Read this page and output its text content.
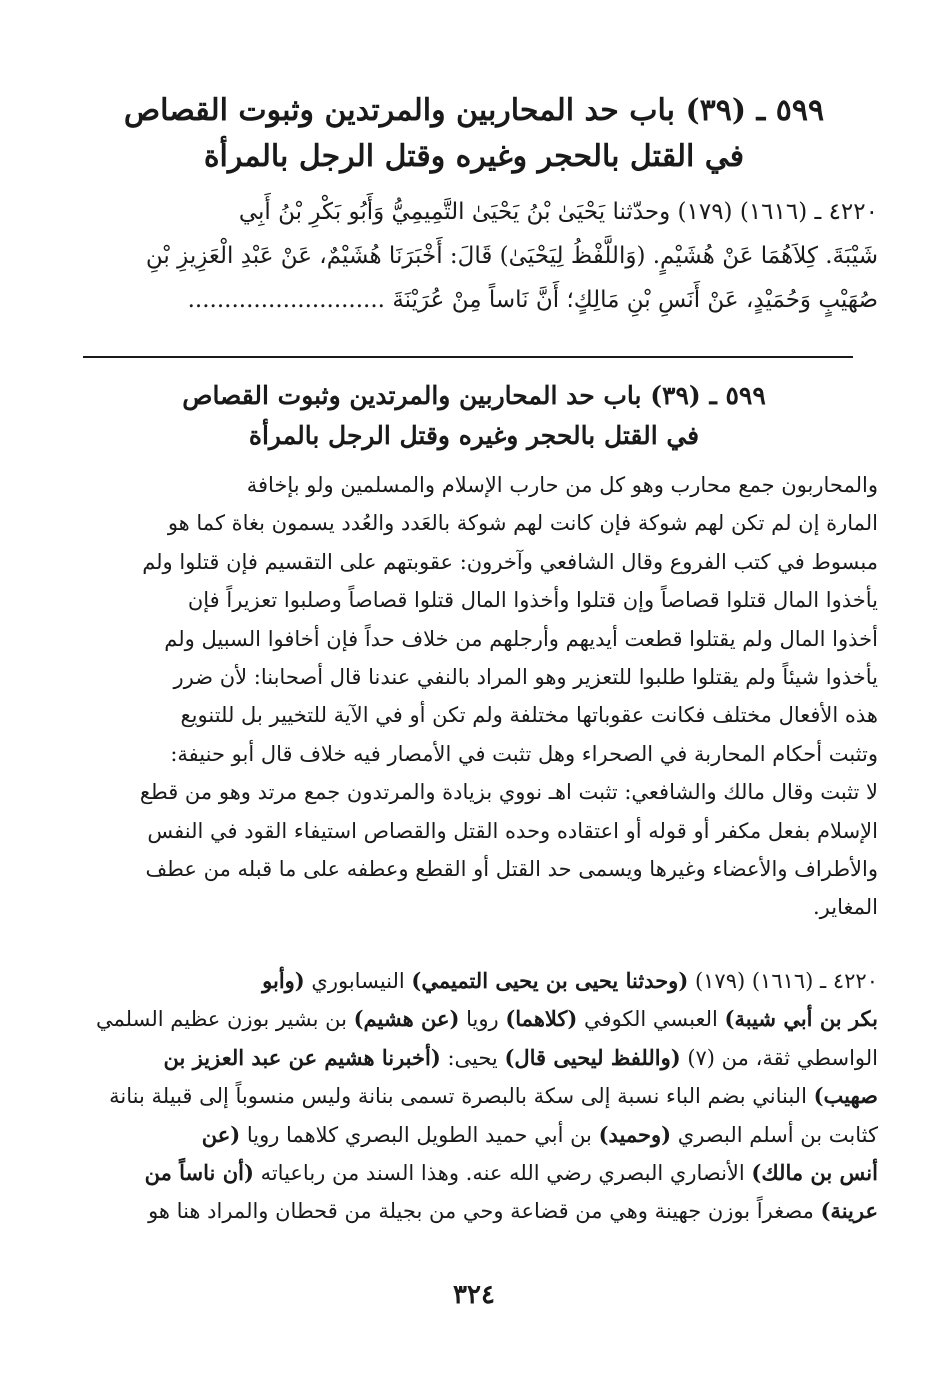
٥٩٩ ـ (٣٩) باب حد المحاربين والمرتدين وثبوت القصاص
في القتل بالحجر وغيره وقتل الرجل بالمرأة
٤٢٢٠ ـ (١٦١٦) (١٧٩) وحدّثنا يَحْيَىٰ بْنُ يَحْيَىٰ التَّمِيمِيُّ وَأَبُو بَكْرِ بْنُ أَبِي
شَيْبَةَ. كِلاَهُمَا عَنْ هُشَيْمٍ. (وَاللَّفْظُ لِيَحْيَىٰ) قَالَ: أَخْبَرَنَا هُشَيْمٌ، عَنْ عَبْدِ الْعَزِيزِ بْنِ
صُهَيْبٍ وَحُمَيْدٍ، عَنْ أَنَسِ بْنِ مَالِكٍ؛ أَنَّ نَاساً مِنْ عُرَيْنَةَ ...........................
٥٩٩ ـ (٣٩) باب حد المحاربين والمرتدين وثبوت القصاص
في القتل بالحجر وغيره وقتل الرجل بالمرأة
والمحاربون جمع محارب وهو كل من حارب الإسلام والمسلمين ولو بإخافة
المارة إن لم تكن لهم شوكة فإن كانت لهم شوكة بالعَدد والعُدد يسمون بغاة كما هو
مبسوط في كتب الفروع وقال الشافعي وآخرون: عقوبتهم على التقسيم فإن قتلوا ولم
يأخذوا المال قتلوا قصاصاً وإن قتلوا وأخذوا المال قتلوا قصاصاً وصلبوا تعزيراً فإن
أخذوا المال ولم يقتلوا قطعت أيديهم وأرجلهم من خلاف حداً فإن أخافوا السبيل ولم
يأخذوا شيئاً ولم يقتلوا طلبوا للتعزير وهو المراد بالنفي عندنا قال أصحابنا: لأن ضرر
هذه الأفعال مختلف فكانت عقوباتها مختلفة ولم تكن أو في الآية للتخيير بل للتنويع
وتثبت أحكام المحاربة في الصحراء وهل تثبت في الأمصار فيه خلاف قال أبو حنيفة:
لا تثبت وقال مالك والشافعي: تثبت اهـ نووي بزيادة والمرتدون جمع مرتد وهو من قطع
الإسلام بفعل مكفر أو قوله أو اعتقاده وحده القتل والقصاص استيفاء القود في النفس
والأطراف والأعضاء وغيرها ويسمى حد القتل أو القطع وعطفه على ما قبله من عطف
المغاير.
٤٢٢٠ ـ (١٦١٦) (١٧٩) (وحدثنا يحيى بن يحيى التميمي) النيسابوري (وأبو
بكر بن أبي شيبة) العبسي الكوفي (كلاهما) رويا (عن هشيم) بن بشير بوزن عظيم السلمي
الواسطي ثقة، من (٧) (واللفظ ليحيى قال) يحيى: (أخبرنا هشيم عن عبد العزيز بن
صهيب) البناني بضم الباء نسبة إلى سكة بالبصرة تسمى بنانة وليس منسوباً إلى قبيلة بنانة
كثابت بن أسلم البصري (وحميد) بن أبي حميد الطويل البصري كلاهما رويا (عن
أنس بن مالك) الأنصاري البصري رضي الله عنه. وهذا السند من رباعياته (أن ناساً من
عرينة) مصغراً بوزن جهينة وهي من قضاعة وحي من بجيلة من قحطان والمراد هنا هو
٣٢٤
